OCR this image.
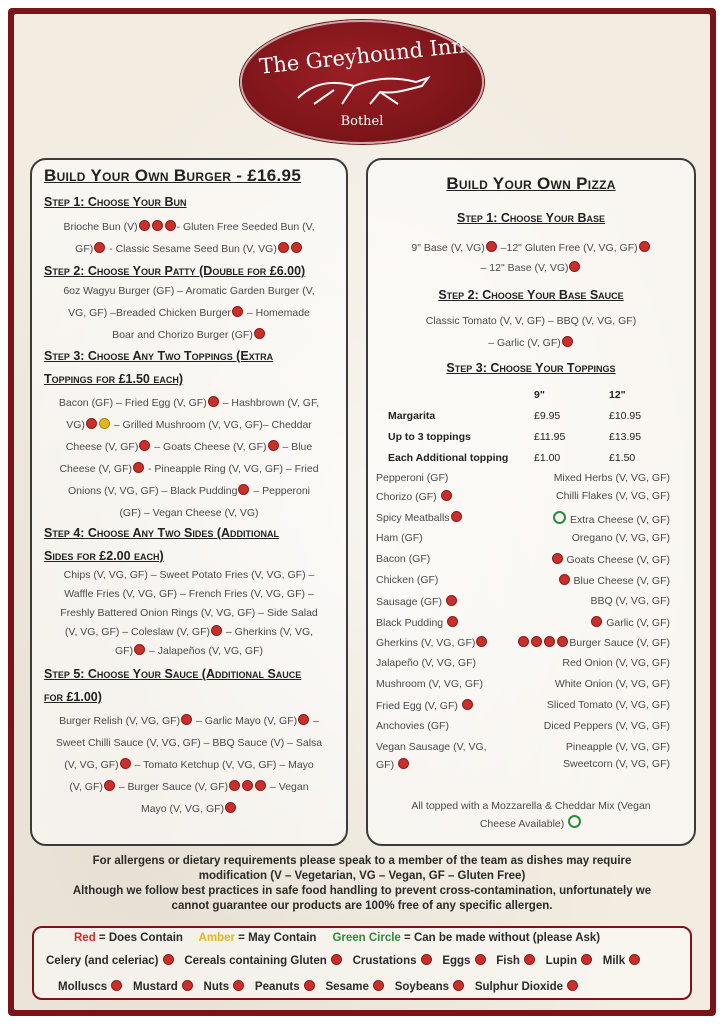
The Greyhound Inn
Bothel
Build Your Own Burger - £16.95
Step 1: Choose Your Bun
Brioche Bun (V)	- Gluten Free Seeded Bun (V,
GF) - Classic Sesame Seed Bun (V, VG)
Step 2: Choose Your Patty (Double for £6.00)
6oz Wagyu Burger (GF) – Aromatic Garden Burger (V,
VG, GF) –Breaded Chicken Burger – Homemade
Boar and Chorizo Burger (GF)
Step 3: Choose Any Two Toppings (Extra
Toppings for £1.50 each)
Bacon (GF) – Fried Egg (V, GF) – Hashbrown (V, GF,
VG)	– Grilled Mushroom (V, VG, GF)– Cheddar
Cheese (V, GF) – Goats Cheese (V, GF) – Blue
Cheese (V, GF) - Pineapple Ring (V, VG, GF) – Fried
Onions (V, VG, GF) – Black Pudding – Pepperoni
(GF) – Vegan Cheese (V, VG)
Step 4: Choose Any Two Sides (Additional
Sides for £2.00 each)
Chips (V, VG, GF) – Sweet Potato Fries (V, VG, GF) –
Waffle Fries (V, VG, GF) – French Fries (V, VG, GF) –
Freshly Battered Onion Rings (V, VG, GF) – Side Salad
(V, VG, GF) – Coleslaw (V, GF) – Gherkins (V, VG,
GF) – Jalapeños (V, VG, GF)
Step 5: Choose Your Sauce (Additional Sauce
for £1.00)
Burger Relish (V, VG, GF) – Garlic Mayo (V, GF) –
Sweet Chilli Sauce (V, VG, GF) – BBQ Sauce (V) – Salsa
(V, VG, GF) – Tomato Ketchup (V, VG, GF) – Mayo
(V, GF) – Burger Sauce (V, GF)	– Vegan
Mayo (V, VG, GF)
Build Your Own Pizza
Step 1: Choose Your Base
9" Base (V, VG) –12" Gluten Free (V, VG, GF)
– 12" Base (V, VG)
Step 2: Choose Your Base Sauce
Classic Tomato (V, V, GF) – BBQ (V, VG, GF)
– Garlic (V, GF)
Step 3: Choose Your Toppings
	9"	12"
Margarita	£9.95	£10.95
Up to 3 toppings	£11.95	£13.95
Each Additional topping	£1.00	£1.50
Pepperoni (GF)
Chorizo (GF)
Spicy Meatballs
Ham (GF)
Bacon (GF)
Chicken (GF)
Sausage (GF)
Black Pudding
Gherkins (V, VG, GF)
Jalapeño (V, VG, GF)
Mushroom (V, VG, GF)
Fried Egg (V, GF)
Anchovies (GF)
Vegan Sausage (V, VG,
GF)
Mixed Herbs (V, VG, GF)
Chilli Flakes (V, VG, GF)
Extra Cheese (V, GF)
Oregano (V, VG, GF)
Goats Cheese (V, GF)
Blue Cheese (V, GF)
BBQ (V, VG, GF)
Garlic (V, GF)
Burger Sauce (V, GF)
Red Onion (V, VG, GF)
White Onion (V, VG, GF)
Sliced Tomato (V, VG, GF)
Diced Peppers (V, VG, GF)
Pineapple (V, VG, GF)
Sweetcorn (V, VG, GF)
All topped with a Mozzarella & Cheddar Mix (Vegan
Cheese Available)
For allergens or dietary requirements please speak to a member of the team as dishes may require
modification (V – Vegetarian, VG – Vegan, GF – Gluten Free)
Although we follow best practices in safe food handling to prevent cross-contamination, unfortunately we
cannot guarantee our products are 100% free of any specific allergen.
Red = Does Contain Amber = May Contain Green Circle = Can be made without (please Ask)
Celery (and celeriac) Cereals containing Gluten Crustations Eggs Fish Lupin Milk
Molluscs Mustard Nuts Peanuts Sesame Soybeans Sulphur Dioxide
